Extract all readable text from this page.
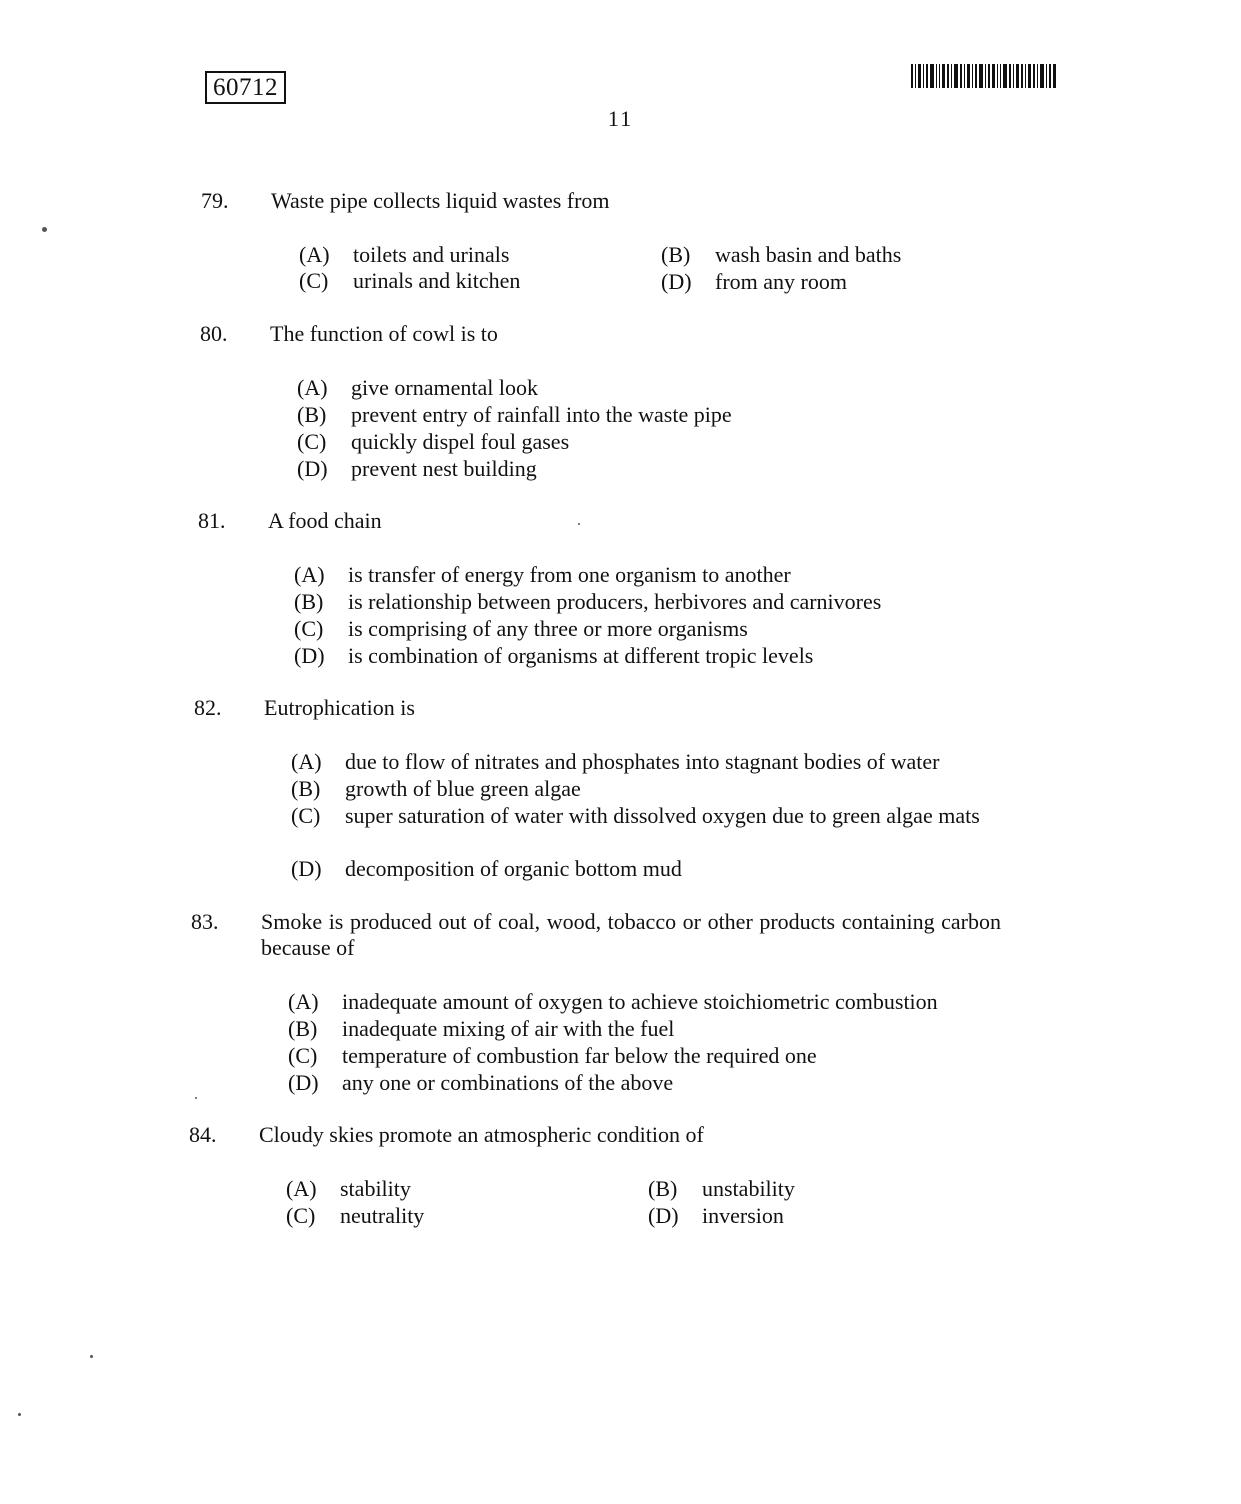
60712
11
79.	Waste pipe collects liquid wastes from
(A) toilets and urinals	(B) wash basin and baths
(C) urinals and kitchen	(D) from any room
80.	The function of cowl is to
(A) give ornamental look
(B) prevent entry of rainfall into the waste pipe
(C) quickly dispel foul gases
(D) prevent nest building
81.	A food chain
(A) is transfer of energy from one organism to another
(B) is relationship between producers, herbivores and carnivores
(C) is comprising of any three or more organisms
(D) is combination of organisms at different tropic levels
82.	Eutrophication is
(A) due to flow of nitrates and phosphates into stagnant bodies of water
(B) growth of blue green algae
(C)	super saturation of water with dissolved oxygen due to green algae mats
(D) decomposition of organic bottom mud
83.	Smoke is produced out of coal, wood, tobacco or other products containing carbon because of
(A) inadequate amount of oxygen to achieve stoichiometric combustion
(B) inadequate mixing of air with the fuel
(C) temperature of combustion far below the required one
(D) any one or combinations of the above
84.	Cloudy skies promote an atmospheric condition of
(A) stability	(B) unstability
(C) neutrality	(D) inversion
